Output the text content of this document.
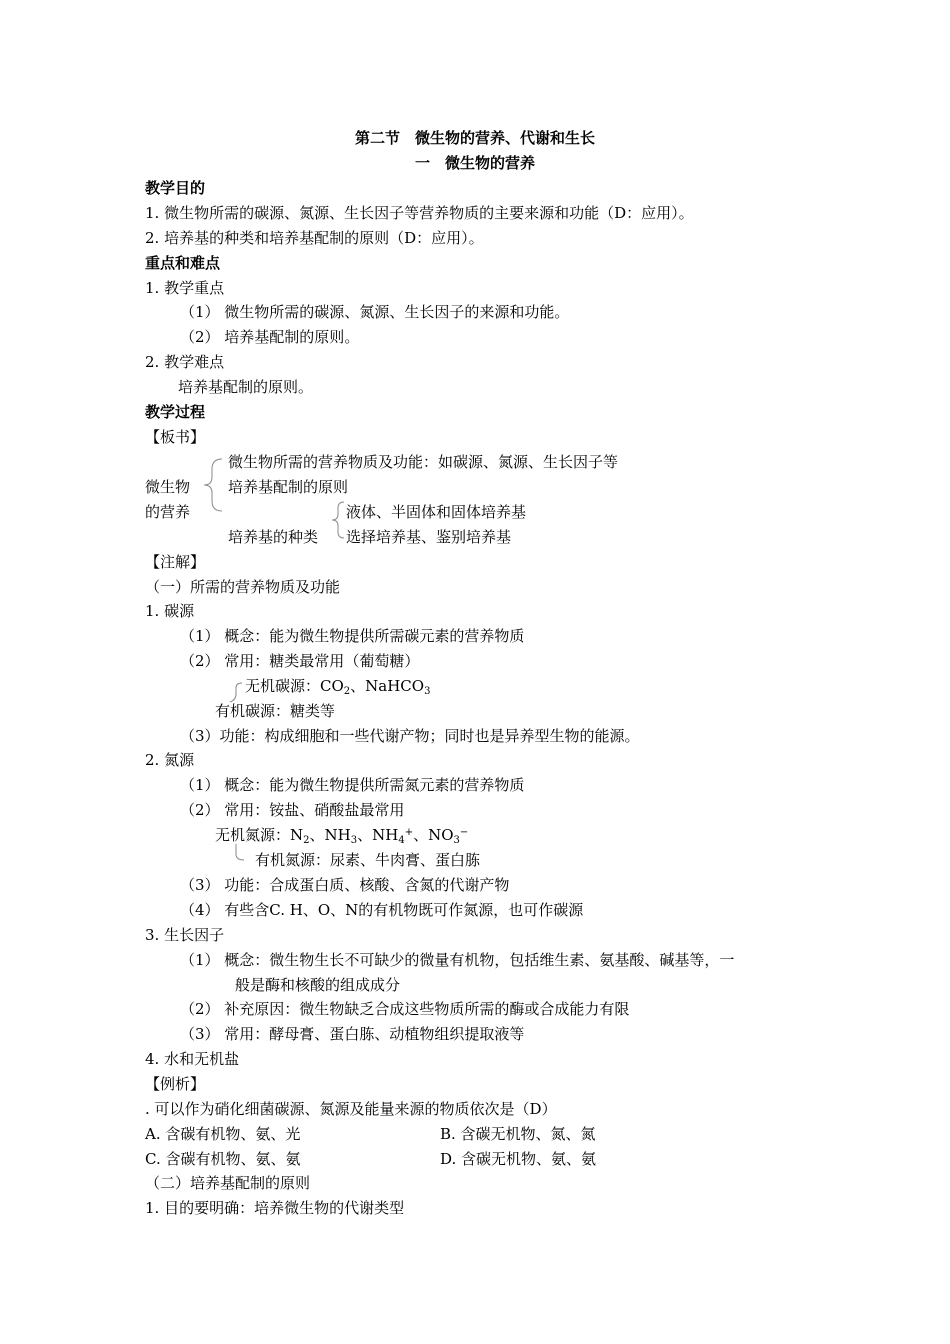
第二节　微生物的营养、代谢和生长
一　微生物的营养
教学目的
1. 微生物所需的碳源、氮源、生长因子等营养物质的主要来源和功能（D：应用）。
2. 培养基的种类和培养基配制的原则（D：应用）。
重点和难点
1. 教学重点
（1） 微生物所需的碳源、氮源、生长因子的来源和功能。
（2） 培养基配制的原则。
2. 教学难点
培养基配制的原则。
教学过程
【板书】
微生物
的营养
微生物所需的营养物质及功能：如碳源、氮源、生长因子等
培养基配制的原则
培养基的种类
液体、半固体和固体培养基
选择培养基、鉴别培养基
【注解】
（一）所需的营养物质及功能
1. 碳源
（1） 概念：能为微生物提供所需碳元素的营养物质
（2） 常用：糖类最常用（葡萄糖）
无机碳源：$CO_2$、NaHCO$_3$
有机碳源：糖类等
（3）功能：构成细胞和一些代谢产物；同时也是异养型生物的能源。
2. 氮源
（1） 概念：能为微生物提供所需氮元素的营养物质
（2） 常用：铵盐、硝酸盐最常用
无机氮源：$N_2$、$NH_3$、$NH_4^+$、$NO_3^-$
有机氮源：尿素、牛肉膏、蛋白胨
（3） 功能：合成蛋白质、核酸、含氮的代谢产物
（4） 有些含C. H、O、N的有机物既可作氮源，也可作碳源
3. 生长因子
（1） 概念：微生物生长不可缺少的微量有机物，包括维生素、氨基酸、碱基等，一
般是酶和核酸的组成成分
（2） 补充原因：微生物缺乏合成这些物质所需的酶或合成能力有限
（3） 常用：酵母膏、蛋白胨、动植物组织提取液等
4. 水和无机盐
【例析】
. 可以作为硝化细菌碳源、氮源及能量来源的物质依次是（D）
A. 含碳有机物、氨、光	B. 含碳无机物、氮、氮
C. 含碳有机物、氨、氨	D. 含碳无机物、氨、氨
（二）培养基配制的原则
1. 目的要明确：培养微生物的代谢类型
